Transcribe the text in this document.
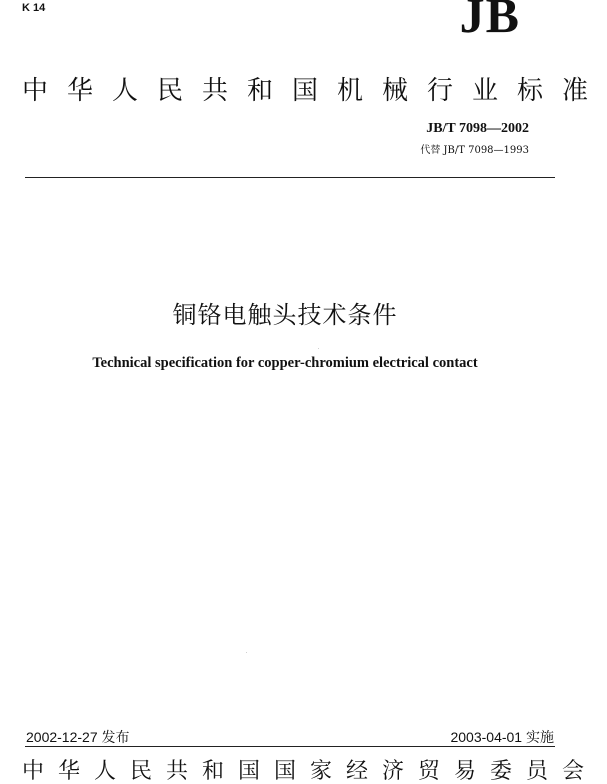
K 14	JB
中华人民共和国机械行业标准
JB/T 7098—2002
代替 JB/T 7098—1993
铜铬电触头技术条件
Technical specification for copper-chromium electrical contact
2002-12-27 发布	2003-04-01 实施
中华人民共和国国家经济贸易委员会
